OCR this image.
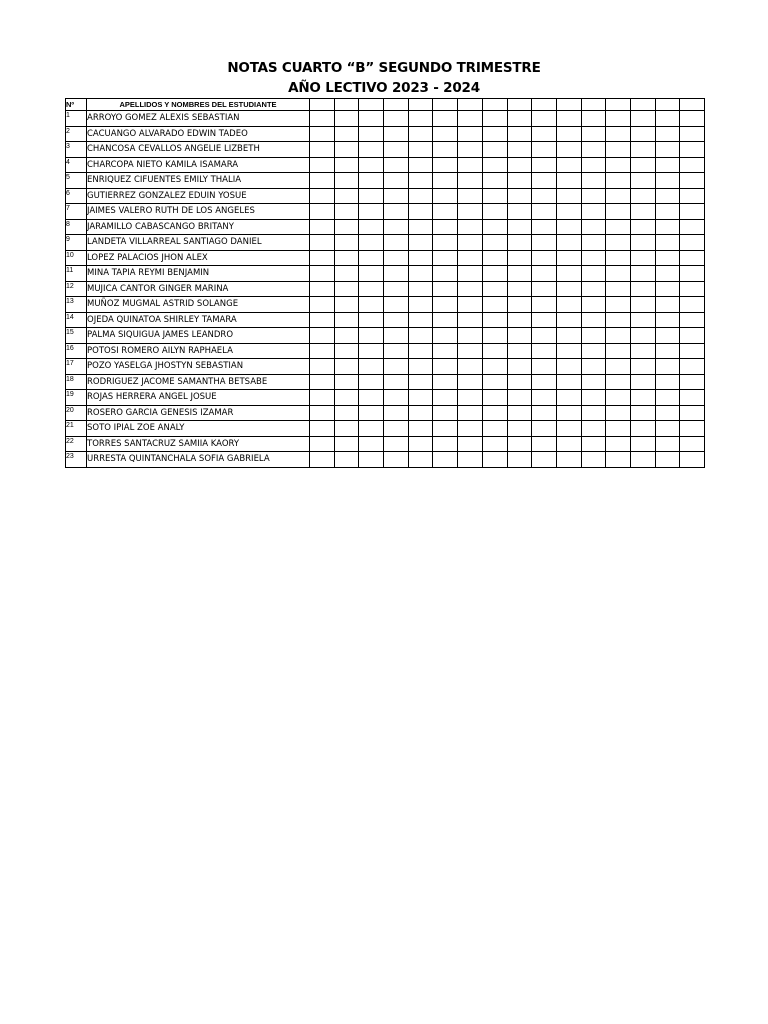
NOTAS CUARTO “B” SEGUNDO TRIMESTRE
AÑO LECTIVO 2023 - 2024
Nº	APELLIDOS Y NOMBRES DEL ESTUDIANTE																
1	ARROYO GOMEZ ALEXIS SEBASTIAN																
2	CACUANGO ALVARADO EDWIN TADEO																
3	CHANCOSA CEVALLOS ANGELIE LIZBETH																
4	CHARCOPA NIETO KAMILA ISAMARA																
5	ENRIQUEZ CIFUENTES EMILY THALIA																
6	GUTIERREZ GONZALEZ EDUIN YOSUE																
7	JAIMES VALERO RUTH DE LOS ANGELES																
8	JARAMILLO CABASCANGO BRITANY																
9	LANDETA VILLARREAL SANTIAGO DANIEL																
10	LOPEZ PALACIOS JHON ALEX																
11	MINA TAPIA REYMI BENJAMIN																
12	MUJICA CANTOR GINGER MARINA																
13	MUÑOZ MUGMAL ASTRID SOLANGE																
14	OJEDA QUINATOA SHIRLEY TAMARA																
15	PALMA SIQUIGUA JAMES LEANDRO																
16	POTOSI ROMERO AILYN RAPHAELA																
17	POZO YASELGA JHOSTYN SEBASTIAN																
18	RODRIGUEZ JACOME SAMANTHA BETSABE																
19	ROJAS HERRERA ANGEL JOSUE																
20	ROSERO GARCIA GENESIS IZAMAR																
21	SOTO IPIAL ZOE ANALY																
22	TORRES SANTACRUZ SAMIIA KAORY																
23	URRESTA QUINTANCHALA SOFIA GABRIELA																
